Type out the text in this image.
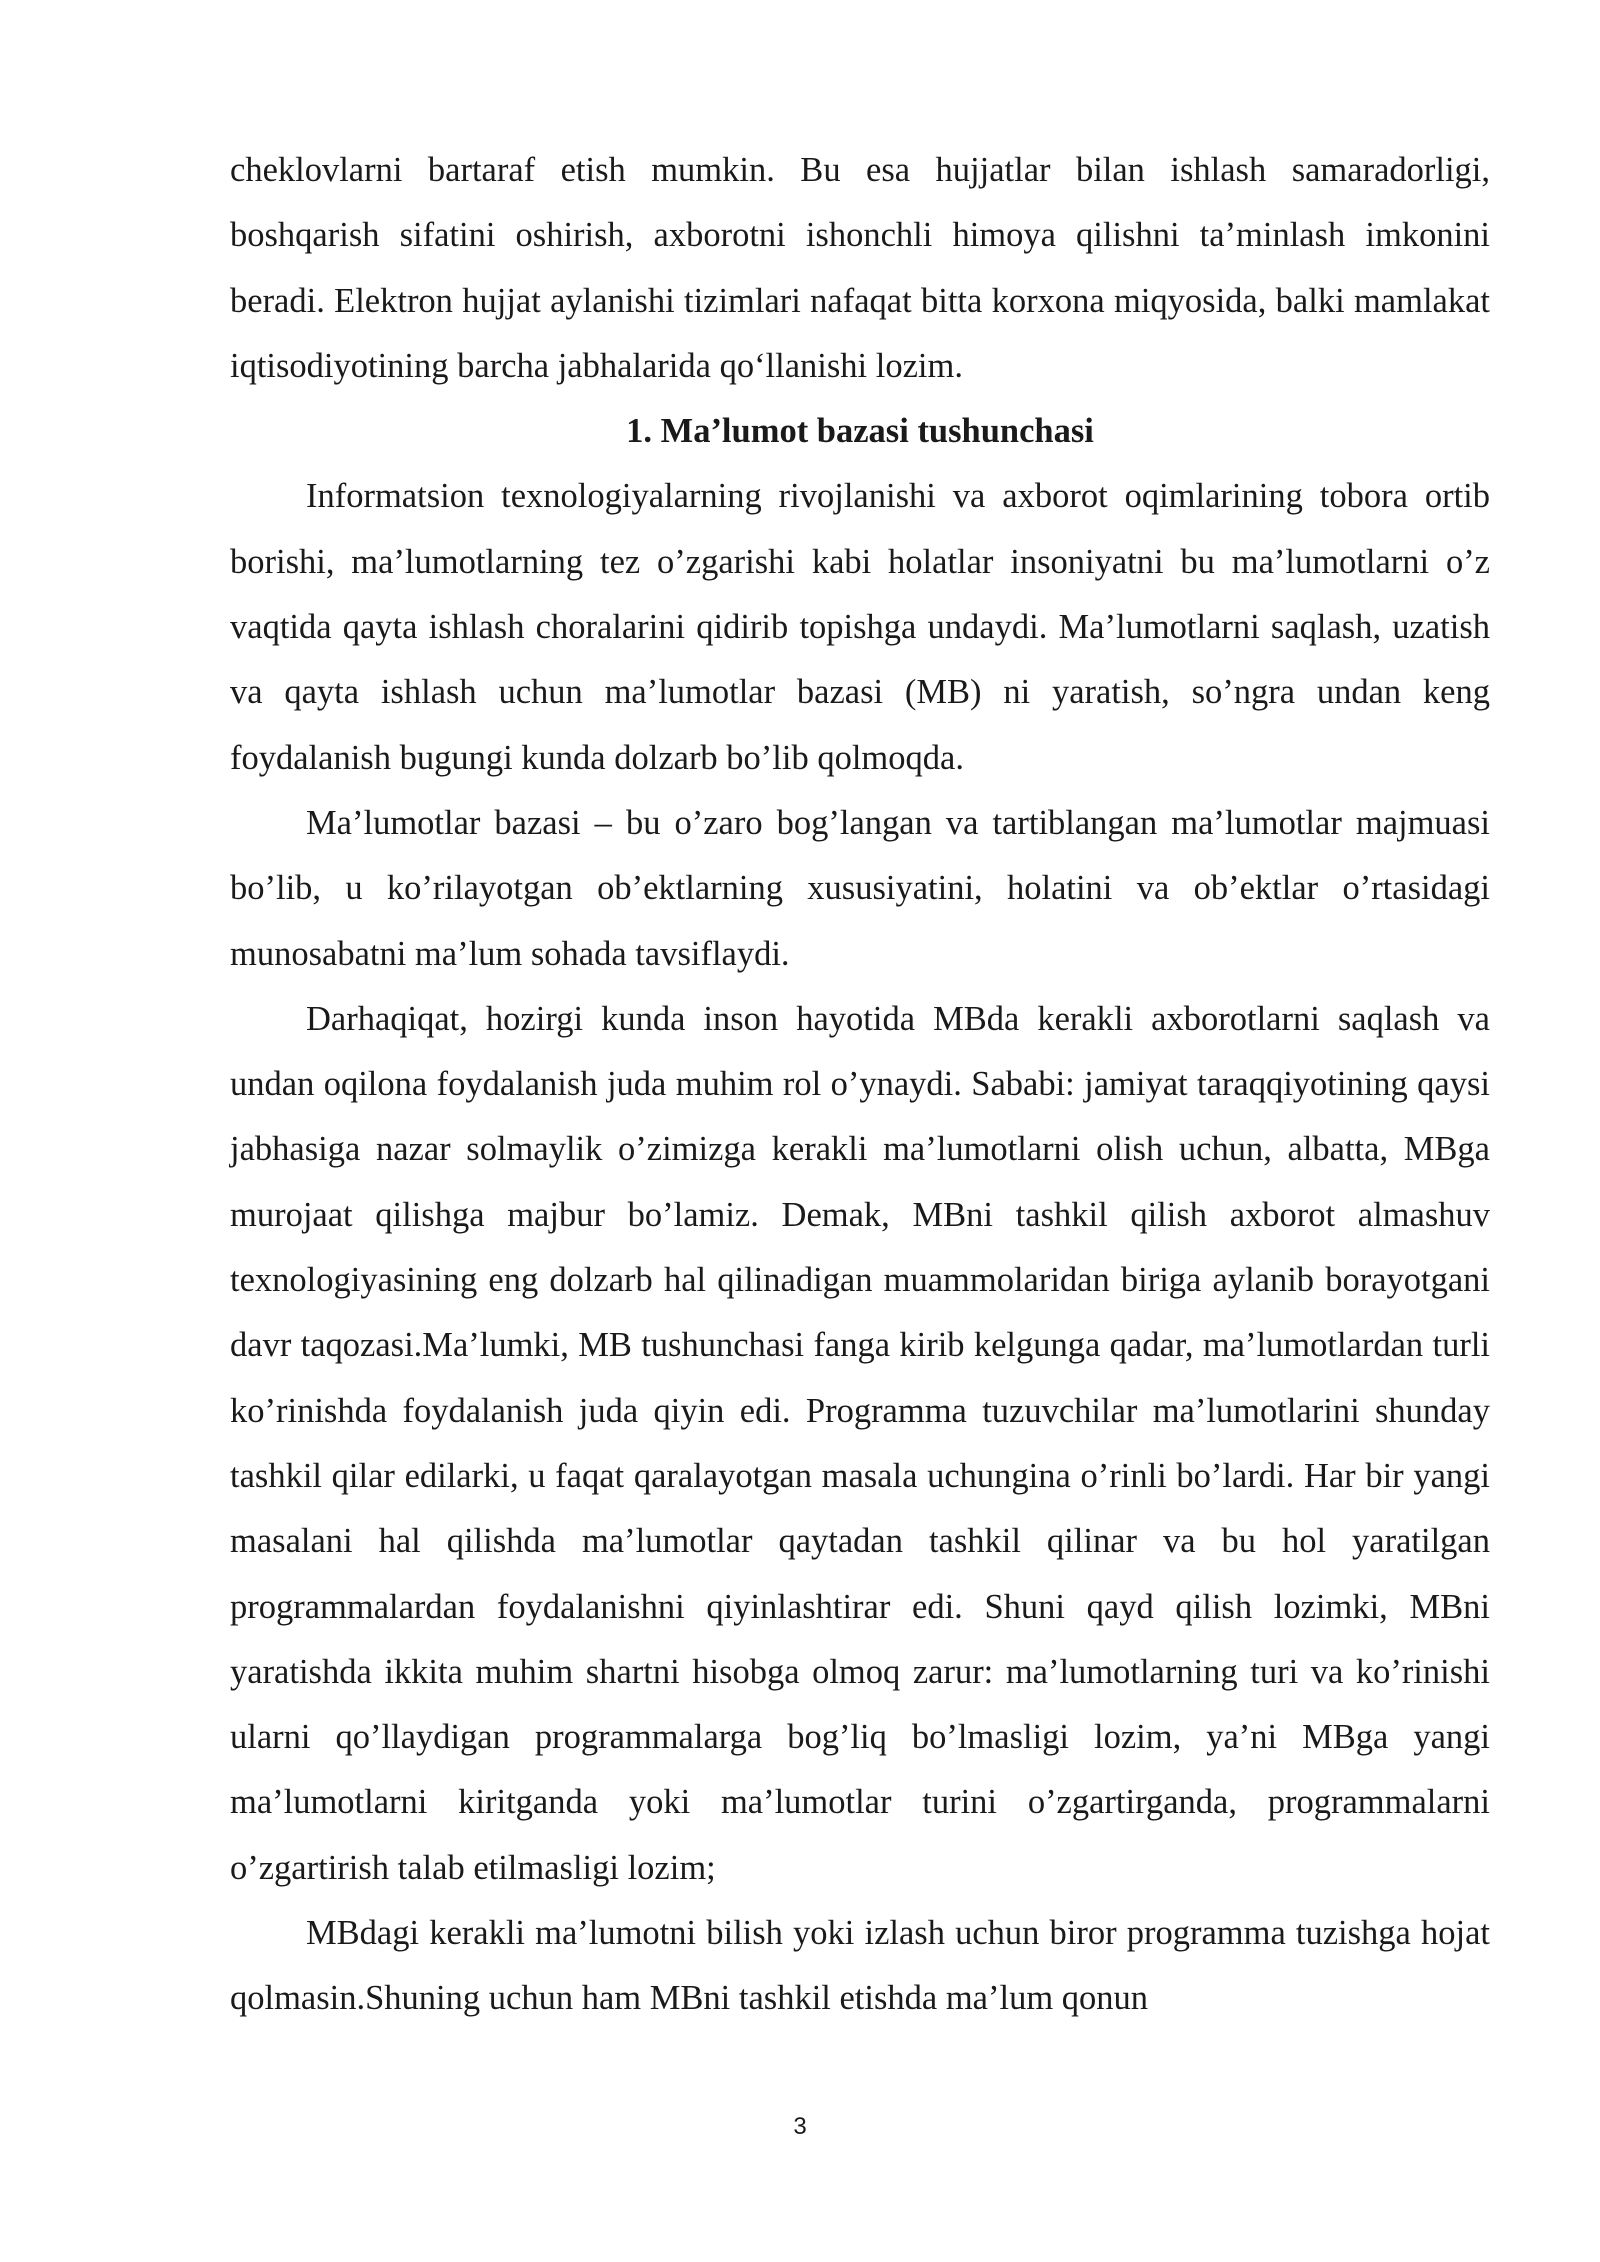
cheklovlarni bartaraf etish mumkin. Bu esa hujjatlar bilan ishlash samaradorligi, boshqarish sifatini oshirish, axborotni ishonchli himoya qilishni taʼminlash imkonini beradi. Elektron hujjat aylanishi tizimlari nafaqat bitta korxona miqyosida, balki mamlakat iqtisodiyotining barcha jabhalarida qoʻllanishi lozim.

1. Ma’lumot bazasi tushunchasi

Informatsion texnologiyalarning rivojlanishi va axborot oqimlarining tobora ortib borishi, ma’lumotlarning tez o’zgarishi kabi holatlar insoniyatni bu ma’lumotlarni o’z vaqtida qayta ishlash choralarini qidirib topishga undaydi. Ma’lumotlarni saqlash, uzatish va qayta ishlash uchun ma’lumotlar bazasi (MB) ni yaratish, so’ngra undan keng foydalanish bugungi kunda dolzarb bo’lib qolmoqda.

Ma’lumotlar bazasi – bu o’zaro bog’langan va tartiblangan ma’lumotlar majmuasi bo’lib, u ko’rilayotgan ob’ektlarning xususiyatini, holatini va ob’ektlar o’rtasidagi munosabatni ma’lum sohada tavsiflaydi.

Darhaqiqat, hozirgi kunda inson hayotida MBda kerakli axborotlarni saqlash va undan oqilona foydalanish juda muhim rol o’ynaydi. Sababi: jamiyat taraqqiyotining qaysi jabhasiga nazar solmaylik o’zimizga kerakli ma’lumotlarni olish uchun, albatta, MBga murojaat qilishga majbur bo’lamiz. Demak, MBni tashkil qilish axborot almashuv texnologiyasining eng dolzarb hal qilinadigan muammolaridan biriga aylanib borayotgani davr taqozasi.Ma’lumki, MB tushunchasi fanga kirib kelgunga qadar, ma’lumotlardan turli ko’rinishda foydalanish juda qiyin edi. Programma tuzuvchilar ma’lumotlarini shunday tashkil qilar edilarki, u faqat qaralayotgan masala uchungina o’rinli bo’lardi. Har bir yangi masalani hal qilishda ma’lumotlar qaytadan tashkil qilinar va bu hol yaratilgan programmalardan foydalanishni qiyinlashtirar edi. Shuni qayd qilish lozimki, MBni yaratishda ikkita muhim shartni hisobga olmoq zarur: ma’lumotlarning turi va ko’rinishi ularni qo’llaydigan programmalarga bog’liq bo’lmasligi lozim, ya’ni MBga yangi ma’lumotlarni kiritganda yoki ma’lumotlar turini o’zgartirganda, programmalarni o’zgartirish talab etilmasligi lozim;

MBdagi kerakli ma’lumotni bilish yoki izlash uchun biror programma tuzishga hojat qolmasin.Shuning uchun ham MBni tashkil etishda ma’lum qonun

3
